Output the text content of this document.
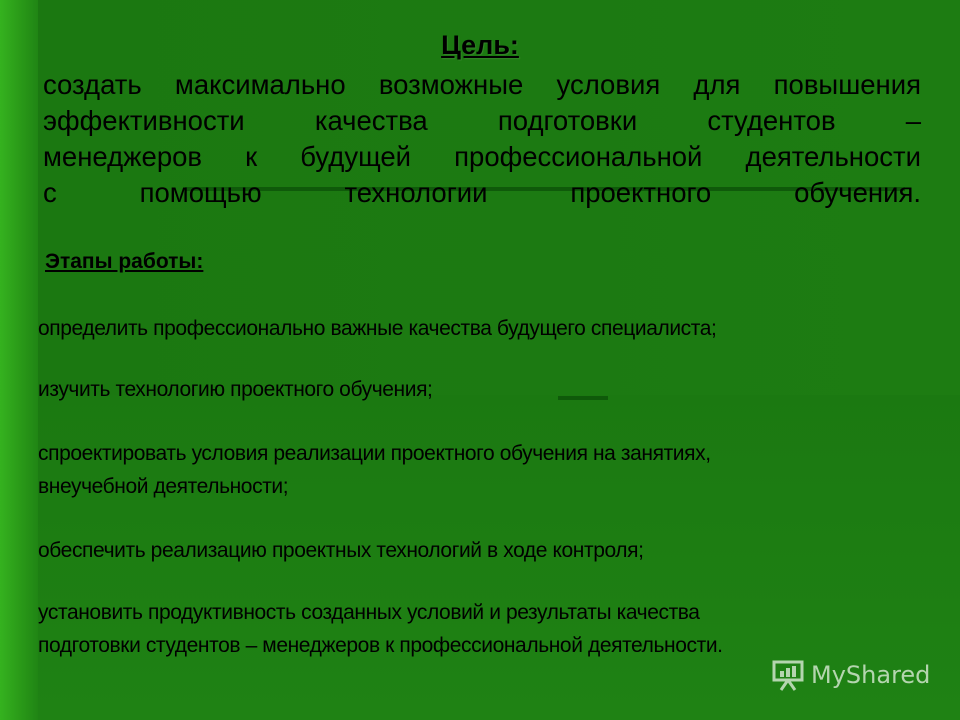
Цель:
создать максимально возможные условия для повышения
эффективности качества подготовки студентов –
менеджеров к будущей профессиональной деятельности
с помощью технологии проектного обучения.
Этапы работы:
определить профессионально важные качества будущего специалиста;
изучить технологию проектного обучения;
спроектировать условия реализации проектного обучения на занятиях,
внеучебной деятельности;
обеспечить реализацию проектных технологий в ходе контроля;
установить продуктивность созданных условий и результаты качества
подготовки студентов – менеджеров к профессиональной деятельности.
MyShared
